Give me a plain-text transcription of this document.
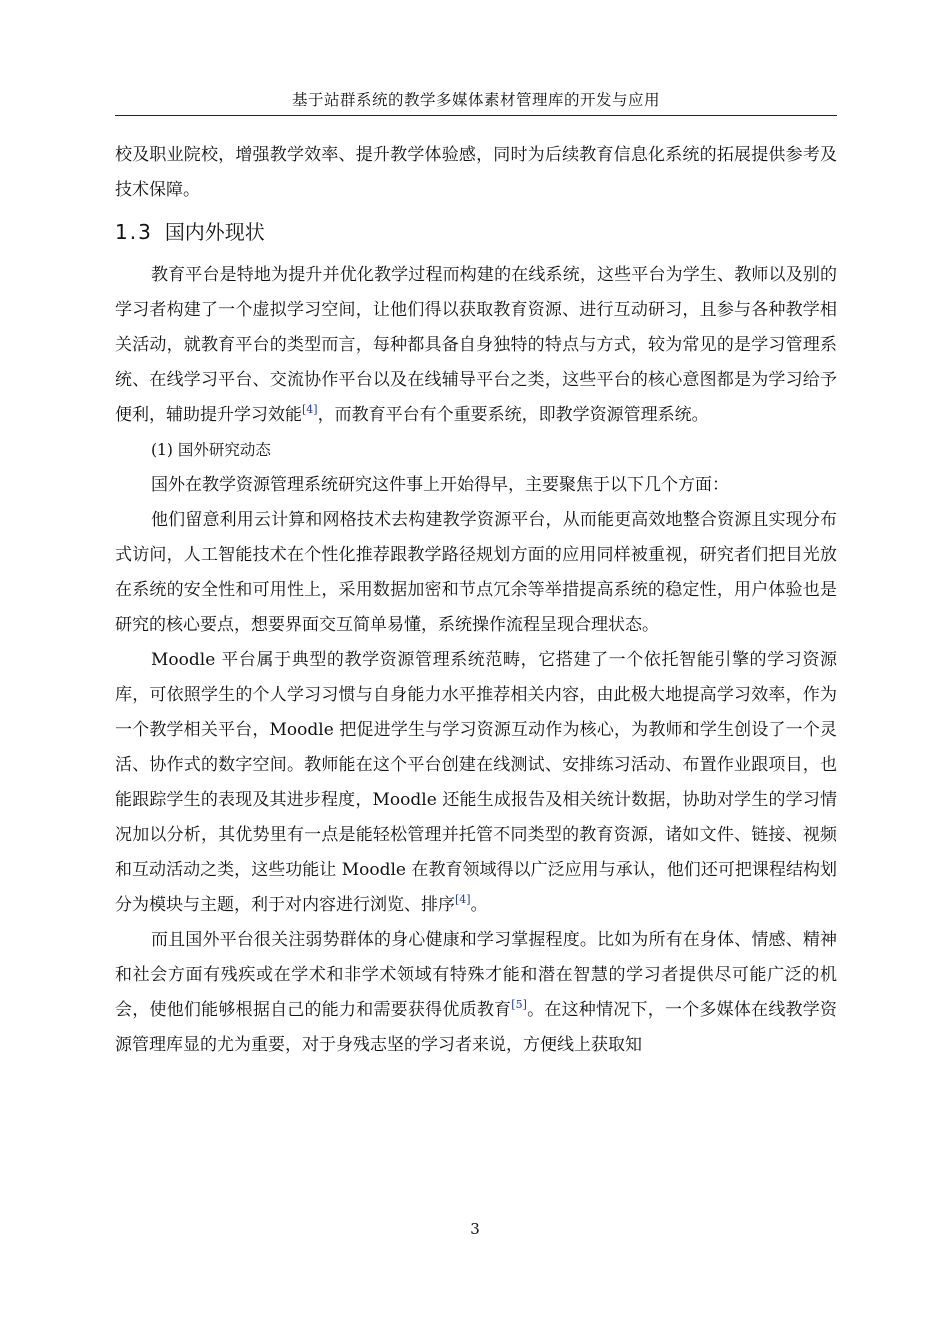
基于站群系统的教学多媒体素材管理库的开发与应用

校及职业院校，增强教学效率、提升教学体验感，同时为后续教育信息化系统的拓展提供参考及技术保障。

1.3 国内外现状

教育平台是特地为提升并优化教学过程而构建的在线系统，这些平台为学生、教师以及别的学习者构建了一个虚拟学习空间，让他们得以获取教育资源、进行互动研习，且参与各种教学相关活动，就教育平台的类型而言，每种都具备自身独特的特点与方式，较为常见的是学习管理系统、在线学习平台、交流协作平台以及在线辅导平台之类，这些平台的核心意图都是为学习给予便利，辅助提升学习效能[4]，而教育平台有个重要系统，即教学资源管理系统。

(1) 国外研究动态

国外在教学资源管理系统研究这件事上开始得早，主要聚焦于以下几个方面：

他们留意利用云计算和网格技术去构建教学资源平台，从而能更高效地整合资源且实现分布式访问，人工智能技术在个性化推荐跟教学路径规划方面的应用同样被重视，研究者们把目光放在系统的安全性和可用性上，采用数据加密和节点冗余等举措提高系统的稳定性，用户体验也是研究的核心要点，想要界面交互简单易懂，系统操作流程呈现合理状态。

Moodle 平台属于典型的教学资源管理系统范畴，它搭建了一个依托智能引擎的学习资源库，可依照学生的个人学习习惯与自身能力水平推荐相关内容，由此极大地提高学习效率，作为一个教学相关平台，Moodle 把促进学生与学习资源互动作为核心，为教师和学生创设了一个灵活、协作式的数字空间。教师能在这个平台创建在线测试、安排练习活动、布置作业跟项目，也能跟踪学生的表现及其进步程度，Moodle 还能生成报告及相关统计数据，协助对学生的学习情况加以分析，其优势里有一点是能轻松管理并托管不同类型的教育资源，诸如文件、链接、视频和互动活动之类，这些功能让 Moodle 在教育领域得以广泛应用与承认，他们还可把课程结构划分为模块与主题，利于对内容进行浏览、排序[4]。

而且国外平台很关注弱势群体的身心健康和学习掌握程度。比如为所有在身体、情感、精神和社会方面有残疾或在学术和非学术领域有特殊才能和潜在智慧的学习者提供尽可能广泛的机会，使他们能够根据自己的能力和需要获得优质教育[5]。在这种情况下，一个多媒体在线教学资源管理库显的尤为重要，对于身残志坚的学习者来说，方便线上获取知

3
